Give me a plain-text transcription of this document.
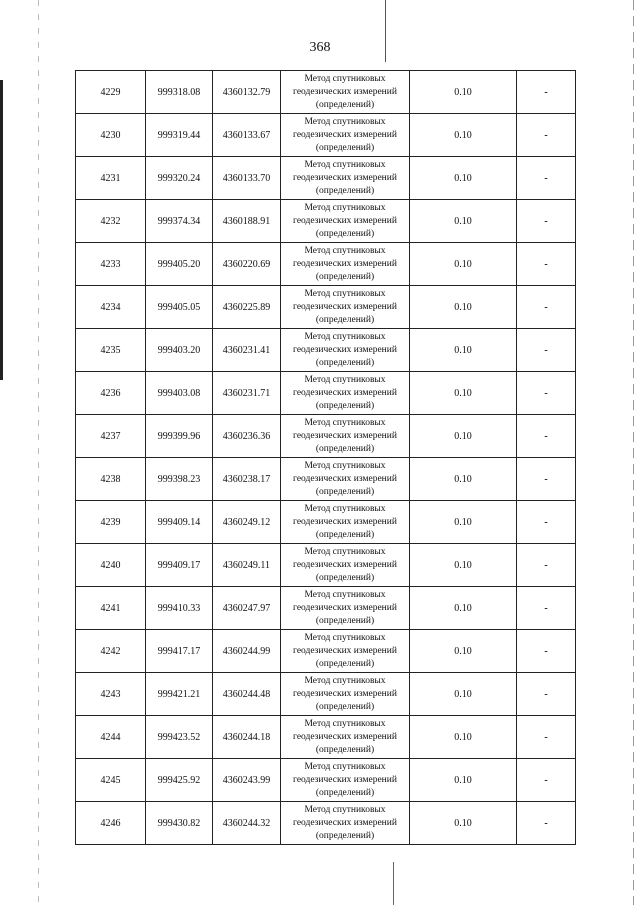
368
4229	999318.08	4360132.79	Метод спутниковых геодезических измерений (определений)	0.10	-
4230	999319.44	4360133.67	Метод спутниковых геодезических измерений (определений)	0.10	-
4231	999320.24	4360133.70	Метод спутниковых геодезических измерений (определений)	0.10	-
4232	999374.34	4360188.91	Метод спутниковых геодезических измерений (определений)	0.10	-
4233	999405.20	4360220.69	Метод спутниковых геодезических измерений (определений)	0.10	-
4234	999405.05	4360225.89	Метод спутниковых геодезических измерений (определений)	0.10	-
4235	999403.20	4360231.41	Метод спутниковых геодезических измерений (определений)	0.10	-
4236	999403.08	4360231.71	Метод спутниковых геодезических измерений (определений)	0.10	-
4237	999399.96	4360236.36	Метод спутниковых геодезических измерений (определений)	0.10	-
4238	999398.23	4360238.17	Метод спутниковых геодезических измерений (определений)	0.10	-
4239	999409.14	4360249.12	Метод спутниковых геодезических измерений (определений)	0.10	-
4240	999409.17	4360249.11	Метод спутниковых геодезических измерений (определений)	0.10	-
4241	999410.33	4360247.97	Метод спутниковых геодезических измерений (определений)	0.10	-
4242	999417.17	4360244.99	Метод спутниковых геодезических измерений (определений)	0.10	-
4243	999421.21	4360244.48	Метод спутниковых геодезических измерений (определений)	0.10	-
4244	999423.52	4360244.18	Метод спутниковых геодезических измерений (определений)	0.10	-
4245	999425.92	4360243.99	Метод спутниковых геодезических измерений (определений)	0.10	-
4246	999430.82	4360244.32	Метод спутниковых геодезических измерений (определений)	0.10	-
